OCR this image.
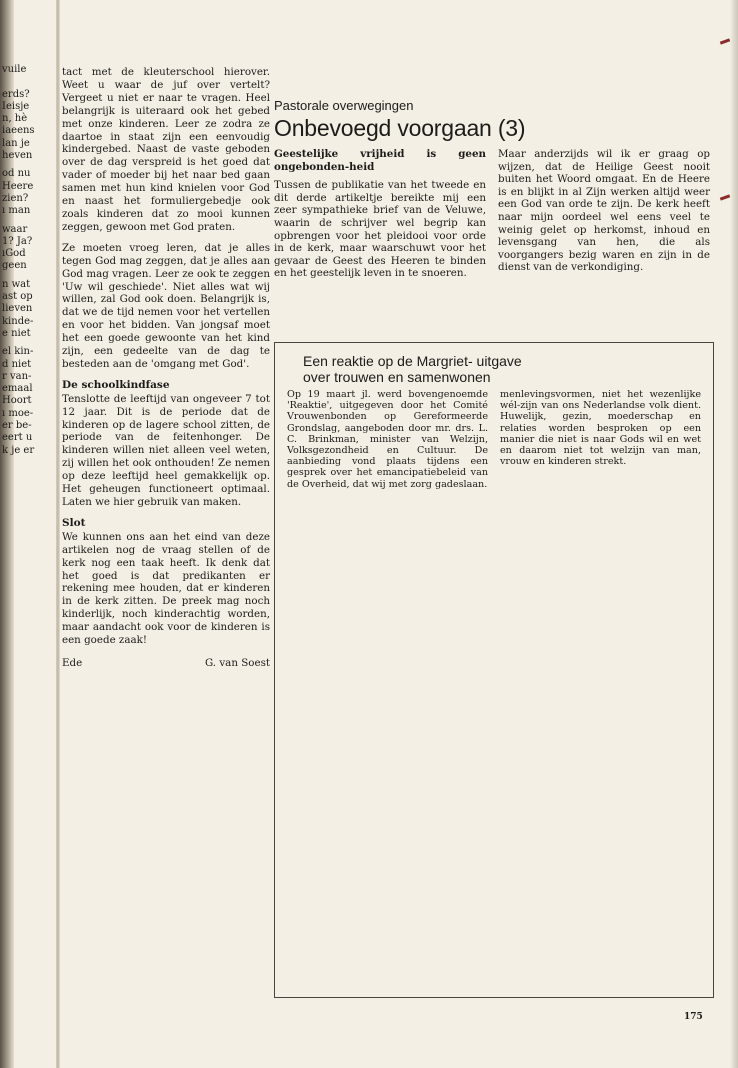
vuile

erds?
Ieisje
n, hè
iaeens
lan je
heven

od nu
Heere
zien?
ı man

waar
1? Ja?
ıGod
geen

n wat
ast op
lieven
kinde-
e niet

el kin-
d niet
r van-
emaal
Hoort
ı moe-
er be-
eert u
k je er

tact met de kleuterschool hierover. Weet u waar de juf over vertelt? Vergeet u niet er naar te vragen. Heel belangrijk is uiteraard ook het gebed met onze kinderen. Leer ze zodra ze daartoe in staat zijn een eenvoudig kindergebed. Naast de vaste geboden over de dag verspreid is het goed dat vader of moeder bij het naar bed gaan samen met hun kind knielen voor God en naast het formuliergebedje ook zoals kinderen dat zo mooi kunnen zeggen, gewoon met God praten.

Ze moeten vroeg leren, dat je alles tegen God mag zeggen, dat je alles aan God mag vragen. Leer ze ook te zeggen 'Uw wil geschiede'. Niet alles wat wij willen, zal God ook doen. Belangrijk is, dat we de tijd nemen voor het vertellen en voor het bidden. Van jongsaf moet het een goede gewoonte van het kind zijn, een gedeelte van de dag te besteden aan de 'omgang met God'.

De schoolkindfase

Tenslotte de leeftijd van ongeveer 7 tot 12 jaar. Dit is de periode dat de kinderen op de lagere school zitten, de periode van de feitenhonger. De kinderen willen niet alleen veel weten, zij willen het ook onthouden! Ze nemen op deze leeftijd heel gemakkelijk op. Het geheugen functioneert optimaal. Laten we hier gebruik van maken.

Slot

We kunnen ons aan het eind van deze artikelen nog de vraag stellen of de kerk nog een taak heeft. Ik denk dat het goed is dat predikanten er rekening mee houden, dat er kinderen in de kerk zitten. De preek mag noch kinderlijk, noch kinderachtig worden, maar aandacht ook voor de kinderen is een goede zaak!

Ede	G. van Soest

Pastorale overwegingen

Onbevoegd voorgaan (3)

Geestelijke vrijheid is geen ongebonden-heid

Tussen de publikatie van het tweede en dit derde artikeltje bereikte mij een zeer sympathieke brief van de Veluwe, waarin de schrijver wel begrip kan opbrengen voor het pleidooi voor orde in de kerk, maar waarschuwt voor het gevaar de Geest des Heeren te binden en het geestelijk leven in te snoeren.

Maar anderzijds wil ik er graag op wijzen, dat de Heilige Geest nooit buiten het Woord omgaat. En de Heere is en blijkt in al Zijn werken altijd weer een God van orde te zijn. De kerk heeft naar mijn oordeel wel eens veel te weinig gelet op herkomst, inhoud en levensgang van hen, die als voorgangers bezig waren en zijn in de dienst van de verkondiging.

Een reaktie op de Margriet- uitgave
over trouwen en samenwonen

Op 19 maart jl. werd bovengenoemde 'Reaktie', uitgegeven door het Comité Vrouwenbonden op Gereformeerde Grondslag, aangeboden door mr. drs. L. C. Brinkman, minister van Welzijn, Volksgezondheid en Cultuur. De aanbieding vond plaats tijdens een gesprek over het emancipatiebeleid van de Overheid, dat wij met zorg gadeslaan.

menlevingsvormen, niet het wezenlijke wél-zijn van ons Nederlandse volk dient. Huwelijk, gezin, moederschap en relaties worden besproken op een manier die niet is naar Gods wil en wet en daarom niet tot welzijn van man, vrouw en kinderen strekt.

175
